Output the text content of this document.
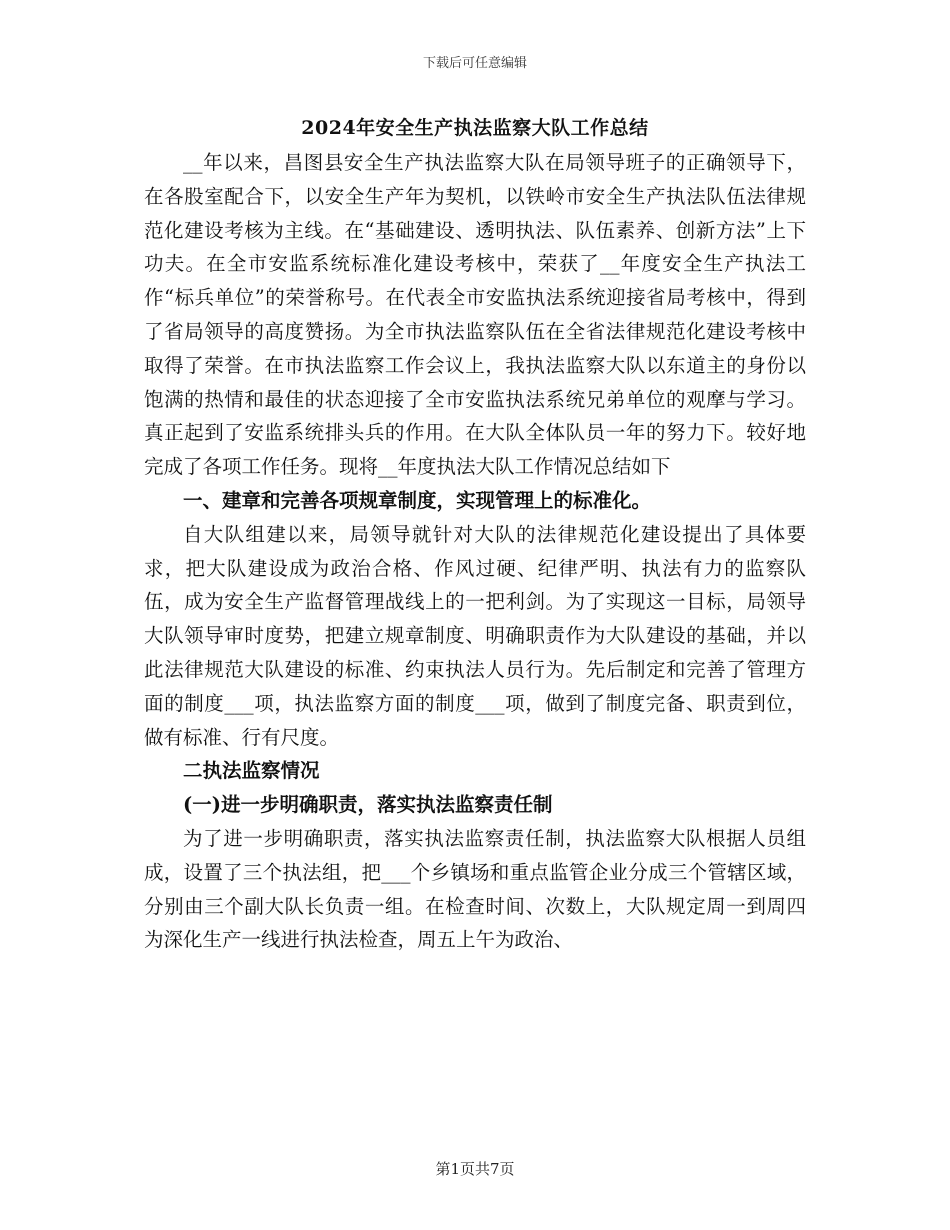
下载后可任意编辑
2024年安全生产执法监察大队工作总结

__年以来，昌图县安全生产执法监察大队在局领导班子的正确领导下，在各股室配合下，以安全生产年为契机，以铁岭市安全生产执法队伍法律规范化建设考核为主线。在“基础建设、透明执法、队伍素养、创新方法”上下功夫。在全市安监系统标准化建设考核中，荣获了__年度安全生产执法工作“标兵单位”的荣誉称号。在代表全市安监执法系统迎接省局考核中，得到了省局领导的高度赞扬。为全市执法监察队伍在全省法律规范化建设考核中取得了荣誉。在市执法监察工作会议上，我执法监察大队以东道主的身份以饱满的热情和最佳的状态迎接了全市安监执法系统兄弟单位的观摩与学习。真正起到了安监系统排头兵的作用。在大队全体队员一年的努力下。较好地完成了各项工作任务。现将__年度执法大队工作情况总结如下

一、建章和完善各项规章制度，实现管理上的标准化。

自大队组建以来，局领导就针对大队的法律规范化建设提出了具体要求，把大队建设成为政治合格、作风过硬、纪律严明、执法有力的监察队伍，成为安全生产监督管理战线上的一把利剑。为了实现这一目标，局领导大队领导审时度势，把建立规章制度、明确职责作为大队建设的基础，并以此法律规范大队建设的标准、约束执法人员行为。先后制定和完善了管理方面的制度___项，执法监察方面的制度___项，做到了制度完备、职责到位，做有标准、行有尺度。

二执法监察情况

(一)进一步明确职责，落实执法监察责任制

为了进一步明确职责，落实执法监察责任制，执法监察大队根据人员组成，设置了三个执法组，把___个乡镇场和重点监管企业分成三个管辖区域，分别由三个副大队长负责一组。在检查时间、次数上，大队规定周一到周四为深化生产一线进行执法检查，周五上午为政治、

第1页共7页
